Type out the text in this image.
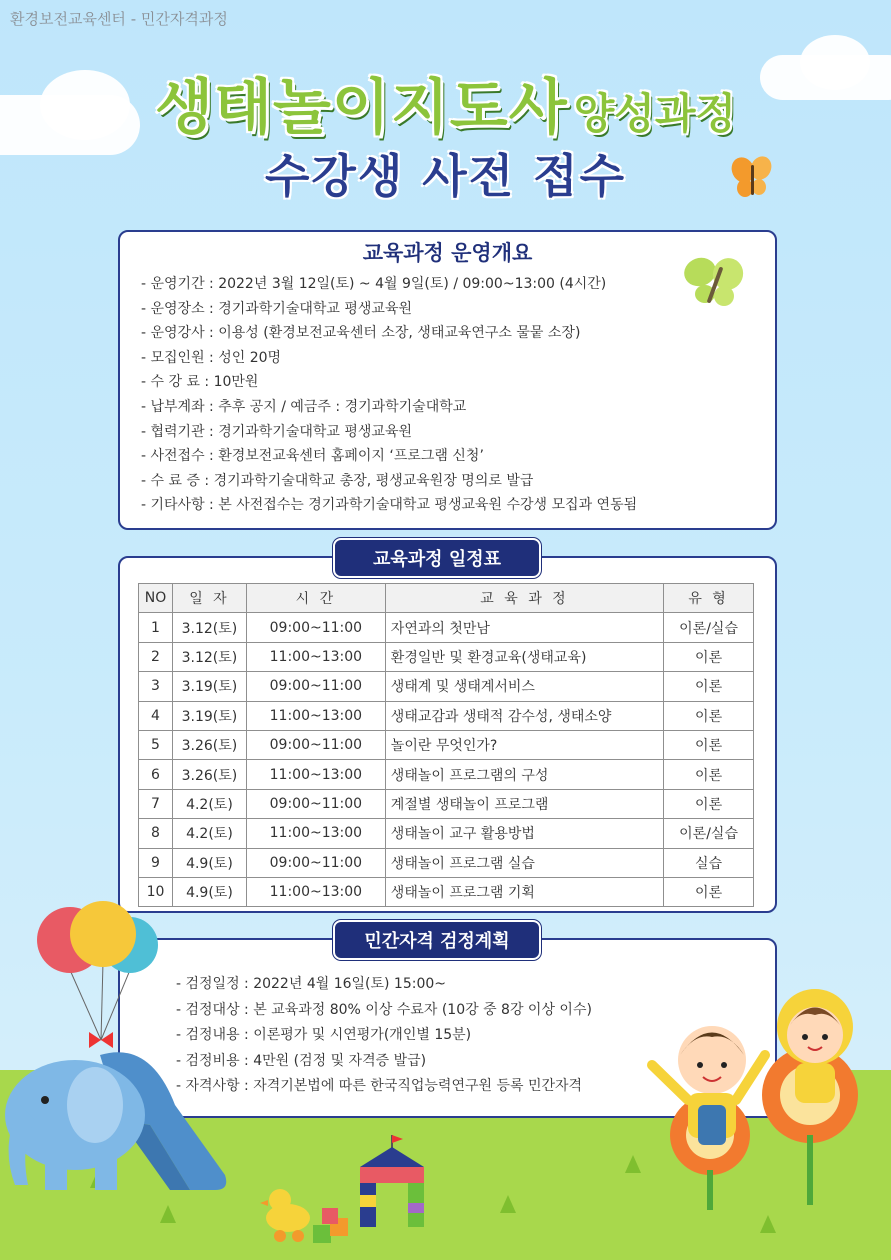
환경보전교육센터 - 민간자격과정
생태놀이지도사 양성과정
수강생 사전 접수
교육과정 운영개요
- 운영기간 : 2022년 3월 12일(토) ~ 4월 9일(토) / 09:00~13:00 (4시간)
- 운영장소 : 경기과학기술대학교 평생교육원
- 운영강사 : 이용성 (환경보전교육센터 소장, 생태교육연구소 물뭍 소장)
- 모집인원 : 성인 20명
- 수 강 료 : 10만원
- 납부계좌 : 추후 공지 / 예금주 : 경기과학기술대학교
- 협력기관 : 경기과학기술대학교 평생교육원
- 사전접수 : 환경보전교육센터 홈페이지 ‘프로그램 신청’
- 수 료 증 : 경기과학기술대학교 총장, 평생교육원장 명의로 발급
- 기타사항 : 본 사전접수는 경기과학기술대학교 평생교육원 수강생 모집과 연동됨
교육과정 일정표
NO	일 자	시 간	교 육 과 정	유 형
1	3.12(토)	09:00~11:00	자연과의 첫만남	이론/실습
2	3.12(토)	11:00~13:00	환경일반 및 환경교육(생태교육)	이론
3	3.19(토)	09:00~11:00	생태계 및 생태계서비스	이론
4	3.19(토)	11:00~13:00	생태교감과 생태적 감수성, 생태소양	이론
5	3.26(토)	09:00~11:00	놀이란 무엇인가?	이론
6	3.26(토)	11:00~13:00	생태놀이 프로그램의 구성	이론
7	4.2(토)	09:00~11:00	계절별 생태놀이 프로그램	이론
8	4.2(토)	11:00~13:00	생태놀이 교구 활용방법	이론/실습
9	4.9(토)	09:00~11:00	생태놀이 프로그램 실습	실습
10	4.9(토)	11:00~13:00	생태놀이 프로그램 기획	이론
- 검정일정 : 2022년 4월 16일(토) 15:00~
- 검정대상 : 본 교육과정 80% 이상 수료자 (10강 중 8강 이상 이수)
- 검정내용 : 이론평가 및 시연평가(개인별 15분)
- 검정비용 : 4만원 (검정 및 자격증 발급)
- 자격사항 : 자격기본법에 따른 한국직업능력연구원 등록 민간자격
민간자격 검정계획
